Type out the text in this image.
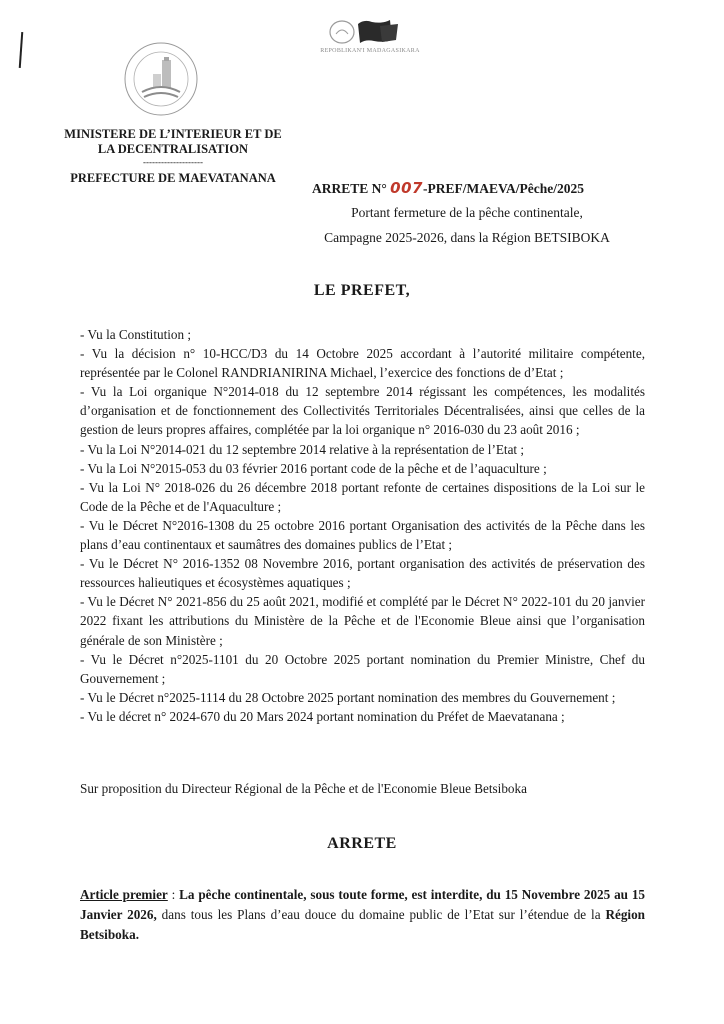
REPOBLIKAN'I MADAGASIKARA
MINISTERE DE L’INTERIEUR ET DE
LA DECENTRALISATION
--------------------
PREFECTURE DE MAEVATANANA
ARRETE N° 007-PREF/MAEVA/Pêche/2025
Portant fermeture de la pêche continentale,
Campagne 2025-2026, dans la Région BETSIBOKA
LE PREFET,

- Vu la Constitution ;

- Vu la décision n° 10-HCC/D3 du 14 Octobre 2025 accordant à l’autorité militaire compétente, représentée par le Colonel RANDRIANIRINA Michael, l’exercice des fonctions de d’Etat ;

- Vu la Loi organique N°2014-018 du 12 septembre 2014 régissant les compétences, les modalités d’organisation et de fonctionnement des Collectivités Territoriales Décentralisées, ainsi que celles de la gestion de leurs propres affaires, complétée par la loi organique n° 2016-030 du 23 août 2016 ;

- Vu la Loi N°2014-021 du 12 septembre 2014 relative à la représentation de l’Etat ;

- Vu la Loi N°2015-053 du 03 février 2016 portant code de la pêche et de l’aquaculture ;

- Vu la Loi N° 2018-026 du 26 décembre 2018 portant refonte de certaines dispositions de la Loi sur le Code de la Pêche et de l'Aquaculture ;

- Vu le Décret N°2016-1308 du 25 octobre 2016 portant Organisation des activités de la Pêche dans les plans d’eau continentaux et saumâtres des domaines publics de l’Etat ;

- Vu le Décret N° 2016-1352 08 Novembre 2016, portant organisation des activités de préservation des ressources halieutiques et écosystèmes aquatiques ;

- Vu le Décret N° 2021-856 du 25 août 2021, modifié et complété par le Décret N° 2022-101 du 20 janvier 2022 fixant les attributions du Ministère de la Pêche et de l'Economie Bleue ainsi que l’organisation générale de son Ministère ;

- Vu le Décret n°2025-1101 du 20 Octobre 2025 portant nomination du Premier Ministre, Chef du Gouvernement ;

- Vu le Décret n°2025-1114 du 28 Octobre 2025 portant nomination des membres du Gouvernement ;

- Vu le décret n° 2024-670 du 20 Mars 2024 portant nomination du Préfet de Maevatanana ;

Sur proposition du Directeur Régional de la Pêche et de l'Economie Bleue Betsiboka
ARRETE
Article premier : La pêche continentale, sous toute forme, est interdite, du 15 Novembre 2025 au 15 Janvier 2026, dans tous les Plans d’eau douce du domaine public de l’Etat sur l’étendue de la Région Betsiboka.
